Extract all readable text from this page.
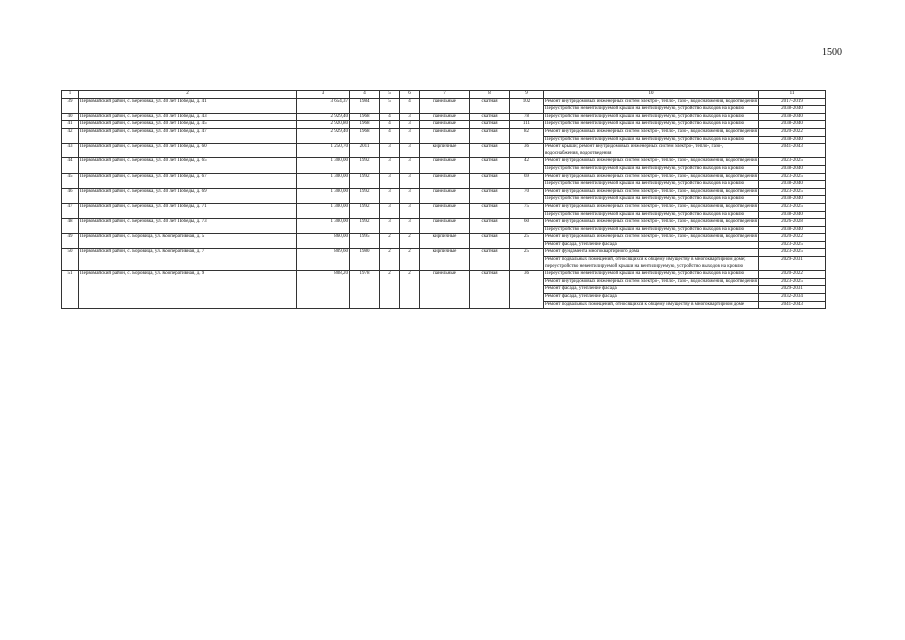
1500
1	2	3	4	5	6	7	8	9	10	11
39	Первомайский район, с. Берёзовка, ул. 40 лет Победы, д. 41	3 654,37	1984	5	4	панельные	скатная	102	Ремонт внутридомовых инженерных систем электро-, тепло-, газо-, водоснабжения, водоотведения	2017-2019
									Переустройство невентилируемой крыши на вентилируемую, устройство выходов на кровлю	2038-2040
40	Первомайский район, с. Берёзовка, ул. 40 лет Победы, д. 43	2 929,40	1968	4	3	панельные	скатная	78	Переустройство невентилируемой крыши на вентилируемую, устройство выходов на кровлю	2038-2040
41	Первомайский район, с. Берёзовка, ул. 40 лет Победы, д. 45	2 920,80	1968	4	3	панельные	скатная	111	Переустройство невентилируемой крыши на вентилируемую, устройство выходов на кровлю	2038-2040
42	Первомайский район, с. Берёзовка, ул. 40 лет Победы, д. 47	2 929,40	1968	4	3	панельные	скатная	82	Ремонт внутридомовых инженерных систем электро-, тепло-, газо-, водоснабжения, водоотведения	2020-2022
									Переустройство невентилируемой крыши на вентилируемую, устройство выходов на кровлю	2038-2040
43	Первомайский район, с. Берёзовка, ул. 40 лет Победы, д. 60	1 250,70	2011	3	3	кирпичные	скатная	36	Ремонт крыши; ремонт внутридомовых инженерных систем электро-, тепло-, газо-, водоснабжения, водоотведения	2041-2043
44	Первомайский район, с. Берёзовка, ул. 40 лет Победы, д. 65	1 300,00	1992	3	3	панельные	скатная	42	Ремонт внутридомовых инженерных систем электро-, тепло-, газо-, водоснабжения, водоотведения	2023-2025
									Переустройство невентилируемой крыши на вентилируемую, устройство выходов на кровлю	2038-2040
45	Первомайский район, с. Берёзовка, ул. 40 лет Победы, д. 67	1 300,00	1992	3	3	панельные	скатная	69	Ремонт внутридомовых инженерных систем электро-, тепло-, газо-, водоснабжения, водоотведения	2023-2025
									Переустройство невентилируемой крыши на вентилируемую, устройство выходов на кровлю	2038-2040
46	Первомайский район, с. Берёзовка, ул. 40 лет Победы, д. 69	1 300,00	1992	3	3	панельные	скатная	70	Ремонт внутридомовых инженерных систем электро-, тепло-, газо-, водоснабжения, водоотведения	2023-2025
									Переустройство невентилируемой крыши на вентилируемую, устройство выходов на кровлю	2038-2040
47	Первомайский район, с. Берёзовка, ул. 40 лет Победы, д. 71	1 300,00	1992	3	3	панельные	скатная	75	Ремонт внутридомовых инженерных систем электро-, тепло-, газо-, водоснабжения, водоотведения	2023-2025
									Переустройство невентилируемой крыши на вентилируемую, устройство выходов на кровлю	2038-2040
48	Первомайский район, с. Берёзовка, ул. 40 лет Победы, д. 73	1 300,00	1992	3	3	панельные	скатная	60	Ремонт внутридомовых инженерных систем электро-, тепло-, газо-, водоснабжения, водоотведения	2026-2028
									Переустройство невентилируемой крыши на вентилируемую, устройство выходов на кровлю	2038-2040
49	Первомайский район, с. Боровица, ул. Кооперативная, д. 5	860,00	1995	2	2	кирпичные	скатная	25	Ремонт внутридомовых инженерных систем электро-, тепло-, газо-, водоснабжения, водоотведения	2020-2022
									Ремонт фасада, утепление фасада	2023-2025
50	Первомайский район, с. Боровица, ул. Кооперативная, д. 7	809,60	1980	2	2	кирпичные	скатная	25	Ремонт фундамента многоквартирного дома	2023-2025
									Ремонт подвальных помещений, относящихся к общему имуществу в многоквартирном доме; переустройство невентилируемой крыши на вентилируемую, устройство выходов на кровлю	2029-2031
51	Первомайский район, с. Боровица, ул. Кооперативная, д. 9	808,20	1978	2	2	панельные	скатная	36	Переустройство невентилируемой крыши на вентилируемую, устройство выходов на кровлю	2020-2022
									Ремонт внутридомовых инженерных систем электро-, тепло-, газо-, водоснабжения, водоотведения	2023-2025
									Ремонт фасада, утепление фасада	2029-2031
									Ремонт фасада, утепление фасада	2032-2034
									Ремонт подвальных помещений, относящихся к общему имуществу в многоквартирном доме	2041-2043
